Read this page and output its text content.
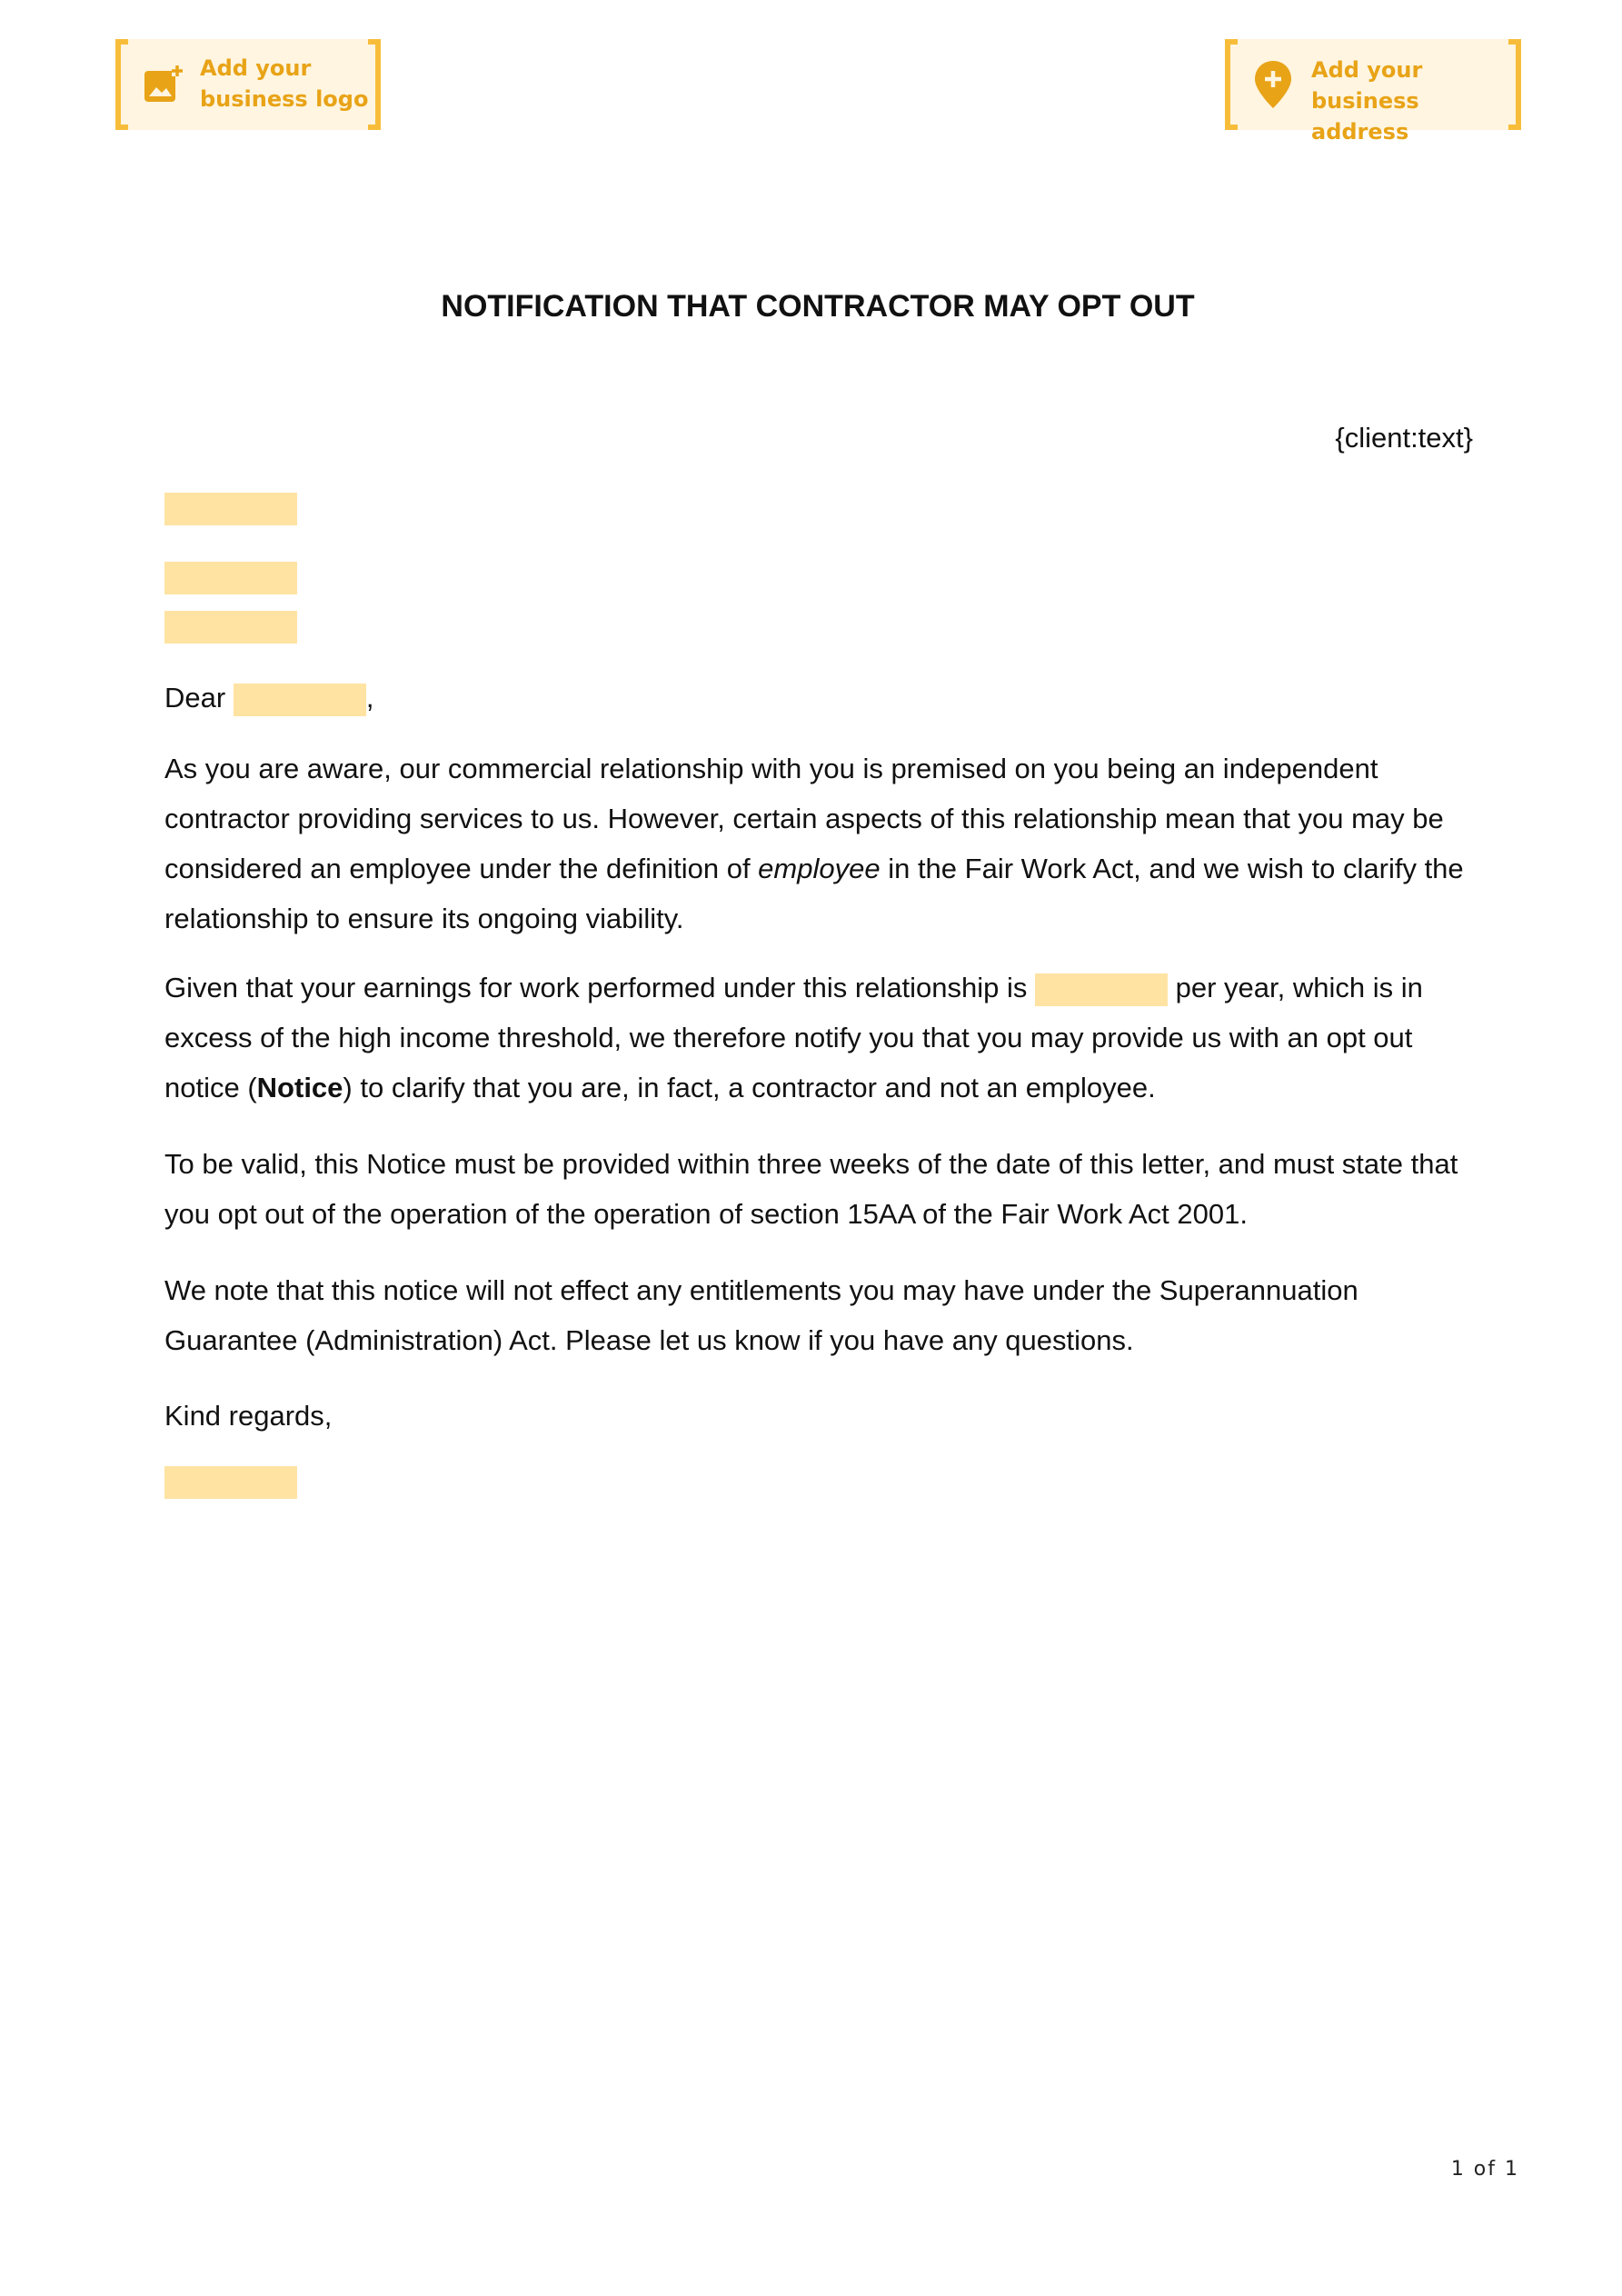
Add your
business logo
Add your
business address
NOTIFICATION THAT CONTRACTOR MAY OPT OUT
{client:text}
Dear	,

As you are aware, our commercial relationship with you is premised on you being an independent contractor providing services to us. However, certain aspects of this relationship mean that you may be considered an employee under the definition of employee in the Fair Work Act, and we wish to clarify the relationship to ensure its ongoing viability.

Given that your earnings for work performed under this relationship is	per year, which is in excess of the high income threshold, we therefore notify you that you may provide us with an opt out notice (Notice) to clarify that you are, in fact, a contractor and not an employee.

To be valid, this Notice must be provided within three weeks of the date of this letter, and must state that you opt out of the operation of the operation of section 15AA of the Fair Work Act 2001.

We note that this notice will not effect any entitlements you may have under the Superannuation Guarantee (Administration) Act. Please let us know if you have any questions.

Kind regards,

1 of 1
